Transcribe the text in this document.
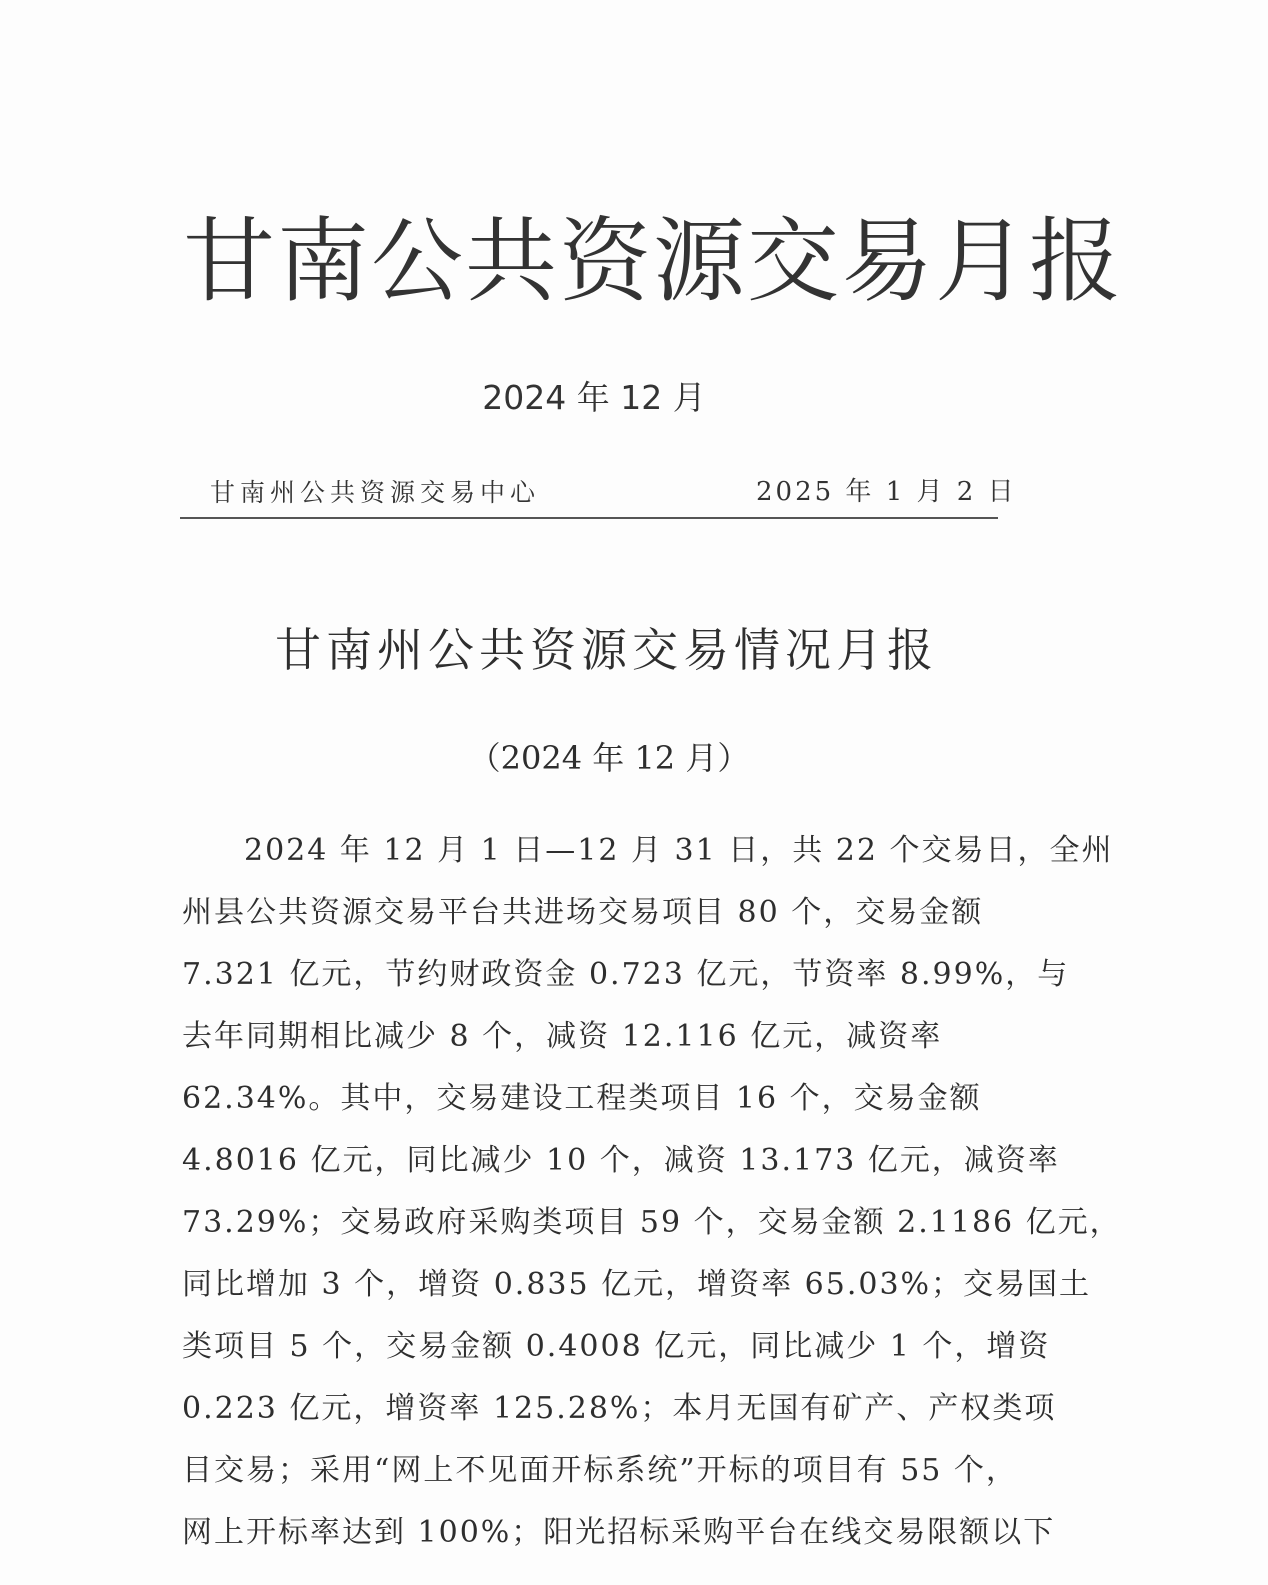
甘南公共资源交易月报
2024 年 12 月
甘南州公共资源交易中心	2025 年 1 月 2 日
甘南州公共资源交易情况月报
（2024 年 12 月）
2024 年 12 月 1 日—12 月 31 日，共 22 个交易日，全州
州县公共资源交易平台共进场交易项目 80 个，交易金额
7.321 亿元，节约财政资金 0.723 亿元，节资率 8.99%，与
去年同期相比减少 8 个，减资 12.116 亿元，减资率
62.34%。其中，交易建设工程类项目 16 个，交易金额
4.8016 亿元，同比减少 10 个，减资 13.173 亿元，减资率
73.29%；交易政府采购类项目 59 个，交易金额 2.1186 亿元，
同比增加 3 个，增资 0.835 亿元，增资率 65.03%；交易国土
类项目 5 个，交易金额 0.4008 亿元，同比减少 1 个，增资
0.223 亿元，增资率 125.28%；本月无国有矿产、产权类项
目交易；采用“网上不见面开标系统”开标的项目有 55 个，
网上开标率达到 100%；阳光招标采购平台在线交易限额以下
